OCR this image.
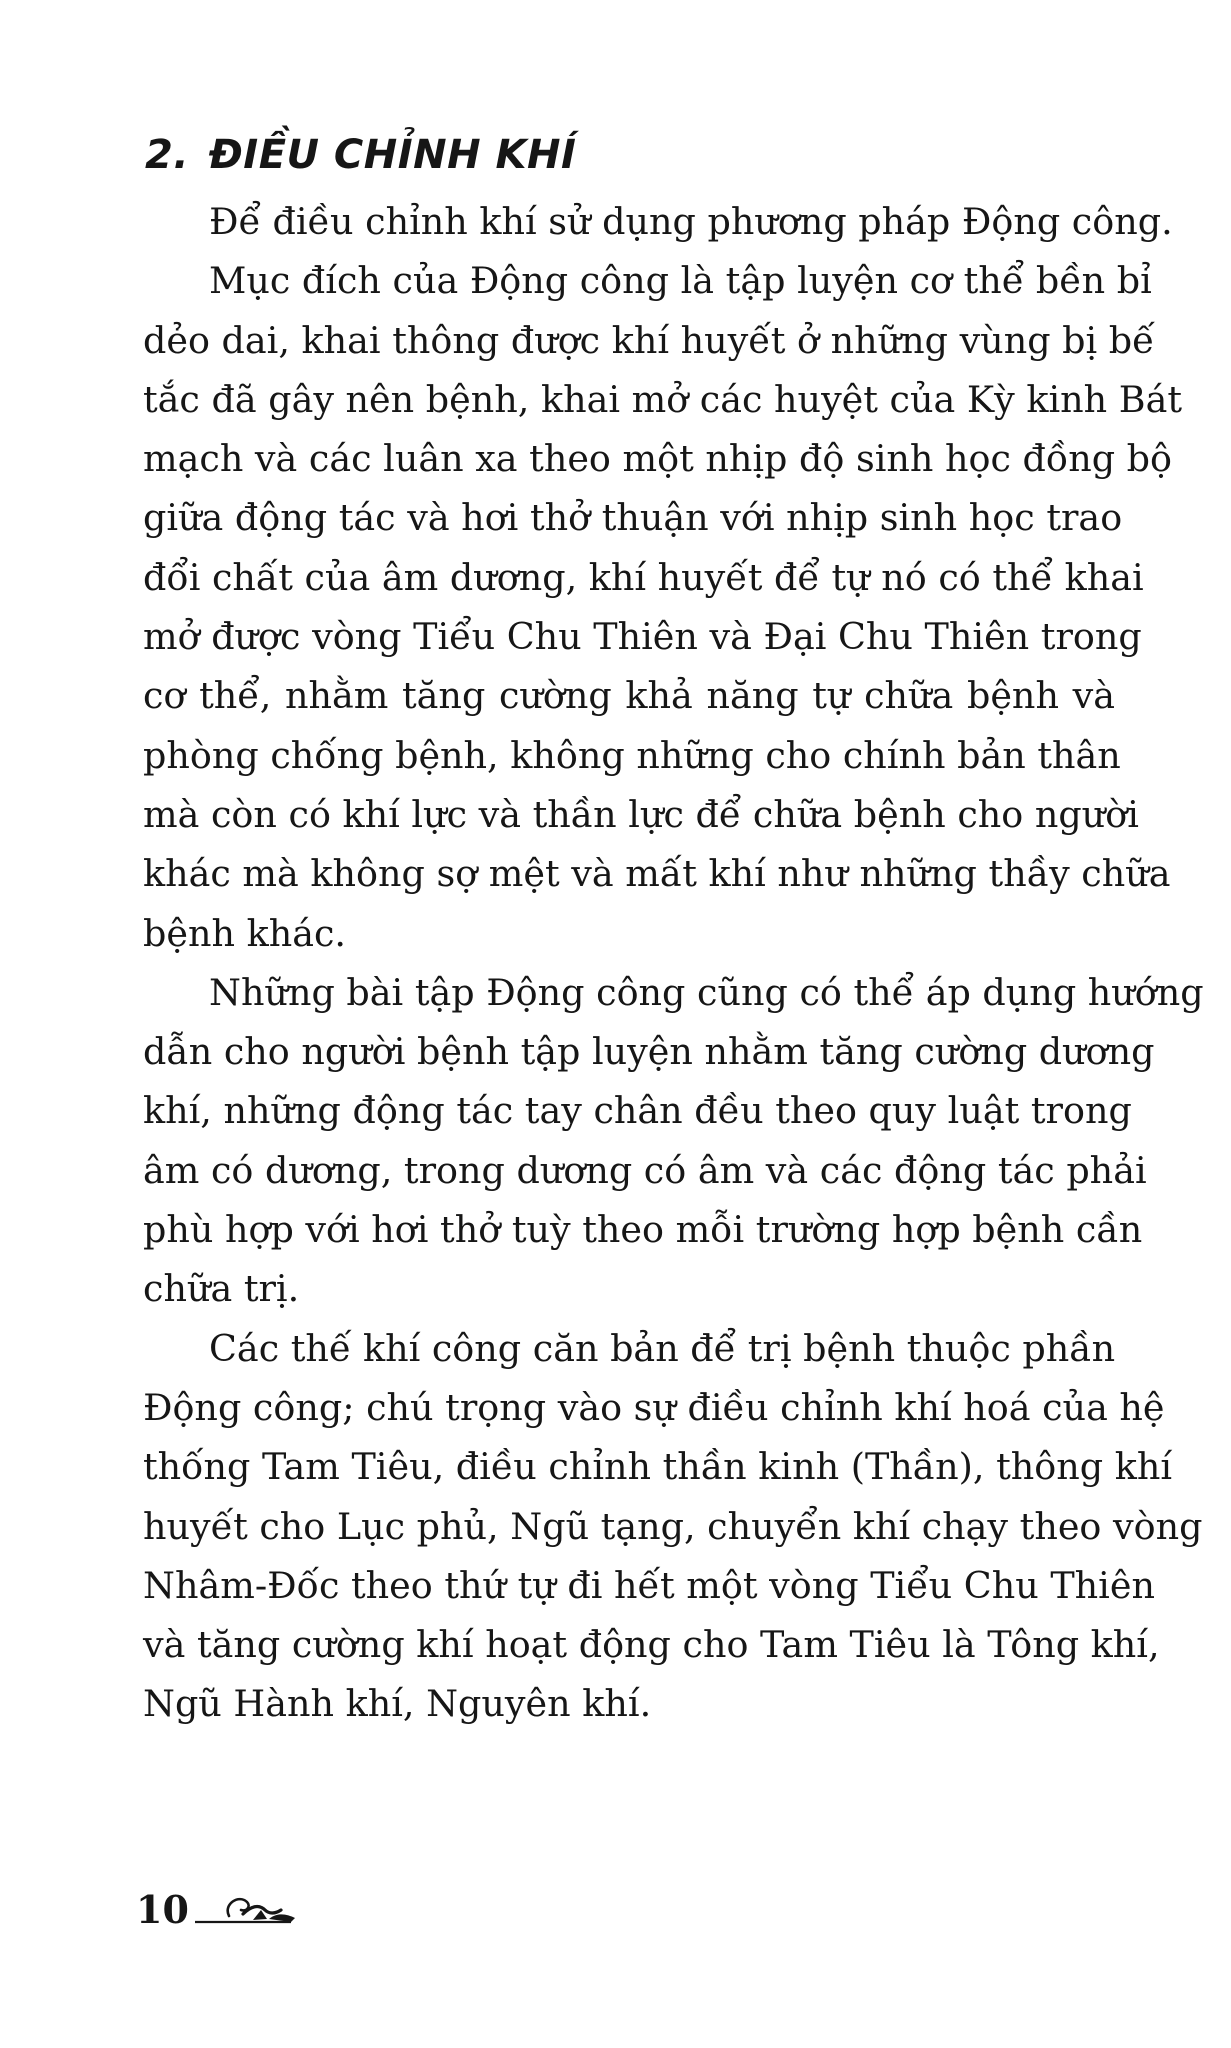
2. ĐIỀU CHỈNH KHÍ

Để điều chỉnh khí sử dụng phương pháp Động công.

Mục đích của Động công là tập luyện cơ thể bền bỉ
dẻo dai, khai thông được khí huyết ở những vùng bị bế
tắc đã gây nên bệnh, khai mở các huyệt của Kỳ kinh Bát
mạch và các luân xa theo một nhịp độ sinh học đồng bộ
giữa động tác và hơi thở thuận với nhịp sinh học trao
đổi chất của âm dương, khí huyết để tự nó có thể khai
mở được vòng Tiểu Chu Thiên và Đại Chu Thiên trong
cơ thể, nhằm tăng cường khả năng tự chữa bệnh và
phòng chống bệnh, không những cho chính bản thân
mà còn có khí lực và thần lực để chữa bệnh cho người
khác mà không sợ mệt và mất khí như những thầy chữa
bệnh khác.

Những bài tập Động công cũng có thể áp dụng hướng
dẫn cho người bệnh tập luyện nhằm tăng cường dương
khí, những động tác tay chân đều theo quy luật trong
âm có dương, trong dương có âm và các động tác phải
phù hợp với hơi thở tuỳ theo mỗi trường hợp bệnh cần
chữa trị.

Các thế khí công căn bản để trị bệnh thuộc phần
Động công; chú trọng vào sự điều chỉnh khí hoá của hệ
thống Tam Tiêu, điều chỉnh thần kinh (Thần), thông khí
huyết cho Lục phủ, Ngũ tạng, chuyển khí chạy theo vòng
Nhâm-Đốc theo thứ tự đi hết một vòng Tiểu Chu Thiên
và tăng cường khí hoạt động cho Tam Tiêu là Tông khí,
Ngũ Hành khí, Nguyên khí.

10
